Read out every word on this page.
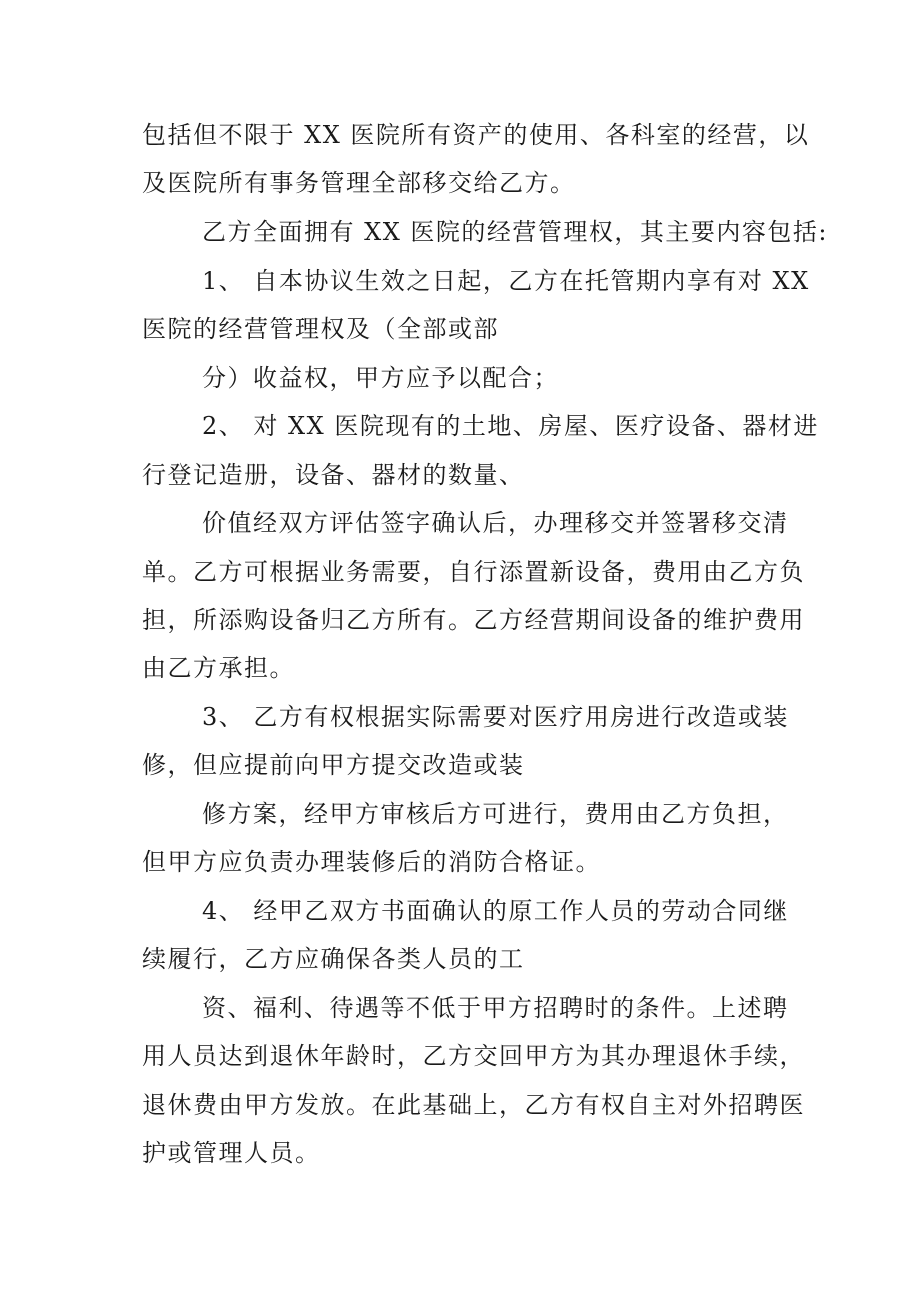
包括但不限于 XX 医院所有资产的使用、各科室的经营，以
及医院所有事务管理全部移交给乙方。
乙方全面拥有 XX 医院的经营管理权，其主要内容包括:
1、 自本协议生效之日起，乙方在托管期内享有对 XX
医院的经营管理权及（全部或部
分）收益权，甲方应予以配合；
2、 对 XX 医院现有的土地、房屋、医疗设备、器材进
行登记造册，设备、器材的数量、
价值经双方评估签字确认后，办理移交并签署移交清
单。乙方可根据业务需要，自行添置新设备，费用由乙方负
担，所添购设备归乙方所有。乙方经营期间设备的维护费用
由乙方承担。
3、 乙方有权根据实际需要对医疗用房进行改造或装
修，但应提前向甲方提交改造或装
修方案，经甲方审核后方可进行，费用由乙方负担，
但甲方应负责办理装修后的消防合格证。
4、 经甲乙双方书面确认的原工作人员的劳动合同继
续履行，乙方应确保各类人员的工
资、福利、待遇等不低于甲方招聘时的条件。上述聘
用人员达到退休年龄时，乙方交回甲方为其办理退休手续，
退休费由甲方发放。在此基础上，乙方有权自主对外招聘医
护或管理人员。
